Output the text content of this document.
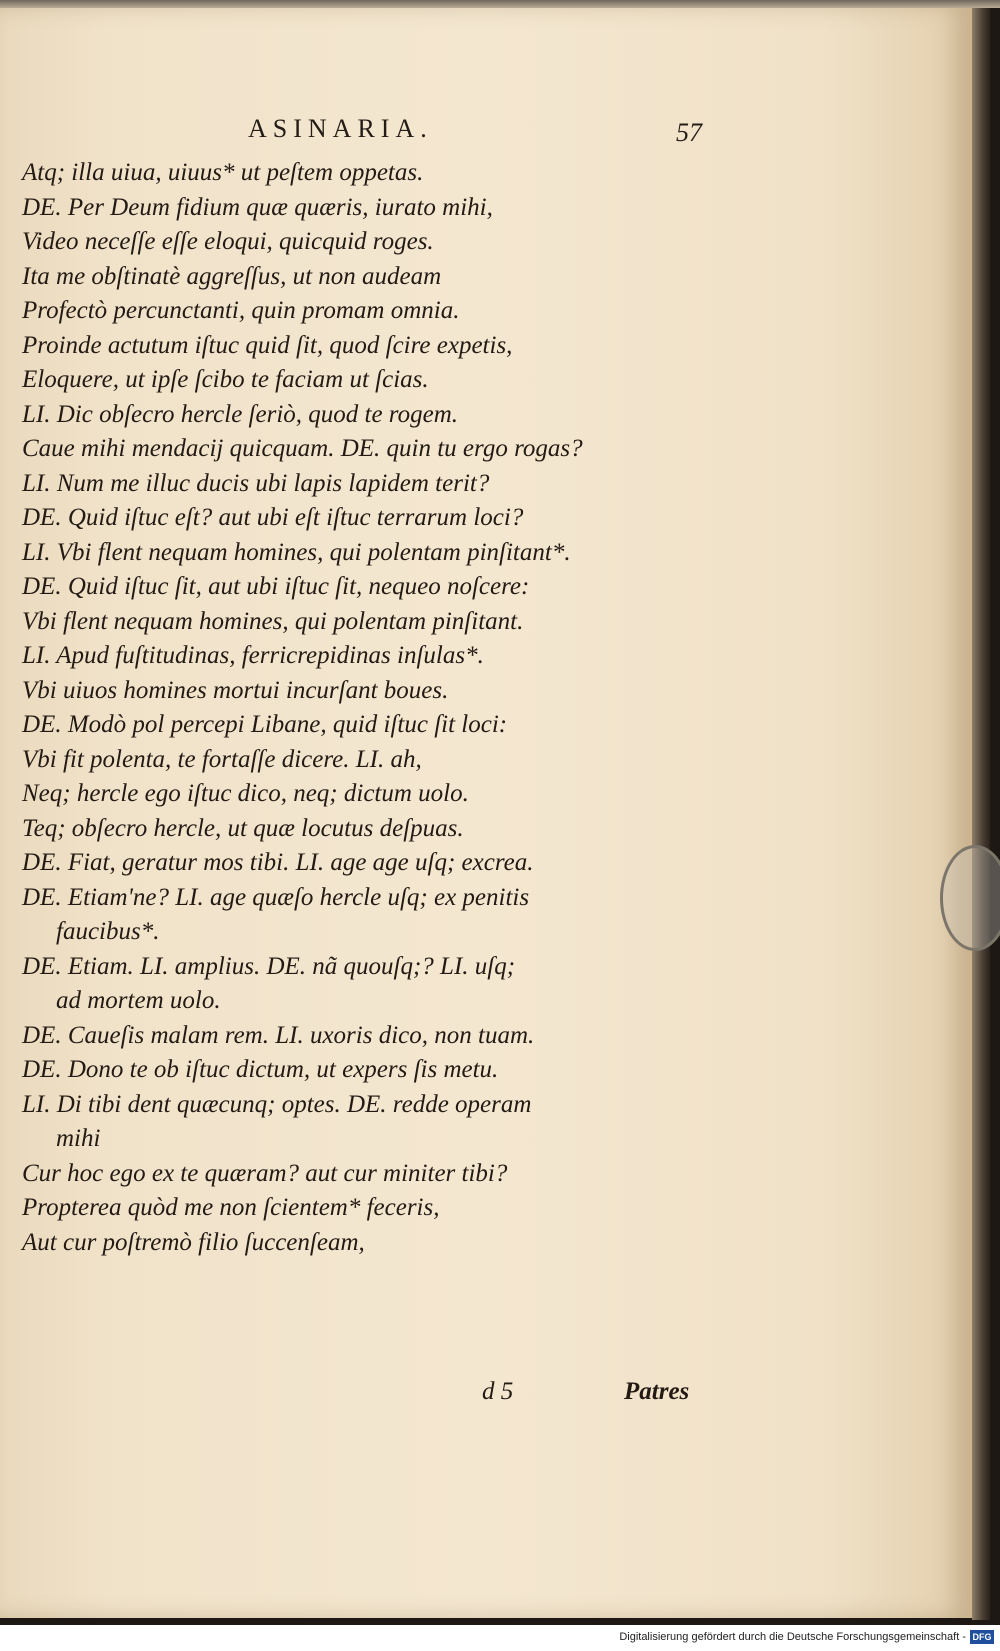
ASINARIA.	57

Atq; illa uiua, uiuus* ut peſtem oppetas.

DE. Per Deum fidium quæ quæris, iurato mihi,

Video neceſſe eſſe eloqui, quicquid roges.

Ita me obſtinatè aggreſſus, ut non audeam

Profectò percunctanti, quin promam omnia.

Proinde actutum iſtuc quid ſit, quod ſcire expetis,

Eloquere, ut ipſe ſcibo te faciam ut ſcias.

LI. Dic obſecro hercle ſeriò, quod te rogem.

Caue mihi mendacij quicquam. DE. quin tu ergo rogas?

LI. Num me illuc ducis ubi lapis lapidem terit?

DE. Quid iſtuc eſt? aut ubi eſt iſtuc terrarum loci?

LI. Vbi flent nequam homines, qui polentam pinſitant*.

DE. Quid iſtuc ſit, aut ubi iſtuc ſit, nequeo noſcere:

Vbi flent nequam homines, qui polentam pinſitant.

LI. Apud fuſtitudinas, ferricrepidinas inſulas*.

Vbi uiuos homines mortui incurſant boues.

DE. Modò pol percepi Libane, quid iſtuc ſit loci:

Vbi fit polenta, te fortaſſe dicere. LI. ah,

Neq; hercle ego iſtuc dico, neq; dictum uolo.

Teq; obſecro hercle, ut quæ locutus deſpuas.

DE. Fiat, geratur mos tibi. LI. age age uſq; excrea.

DE. Etiam'ne? LI. age quæſo hercle uſq; ex penitis

faucibus*.

DE. Etiam. LI. amplius. DE. nã quouſq;? LI. uſq;

ad mortem uolo.

DE. Caueſis malam rem. LI. uxoris dico, non tuam.

DE. Dono te ob iſtuc dictum, ut expers ſis metu.

LI. Di tibi dent quæcunq; optes. DE. redde operam

mihi

Cur hoc ego ex te quæram? aut cur miniter tibi?

Propterea quòd me non ſcientem* feceris,

Aut cur poſtremò filio ſuccenſeam,

d 5	Patres
Digitalisierung gefördert durch die Deutsche Forschungsgemeinschaft - DFG
